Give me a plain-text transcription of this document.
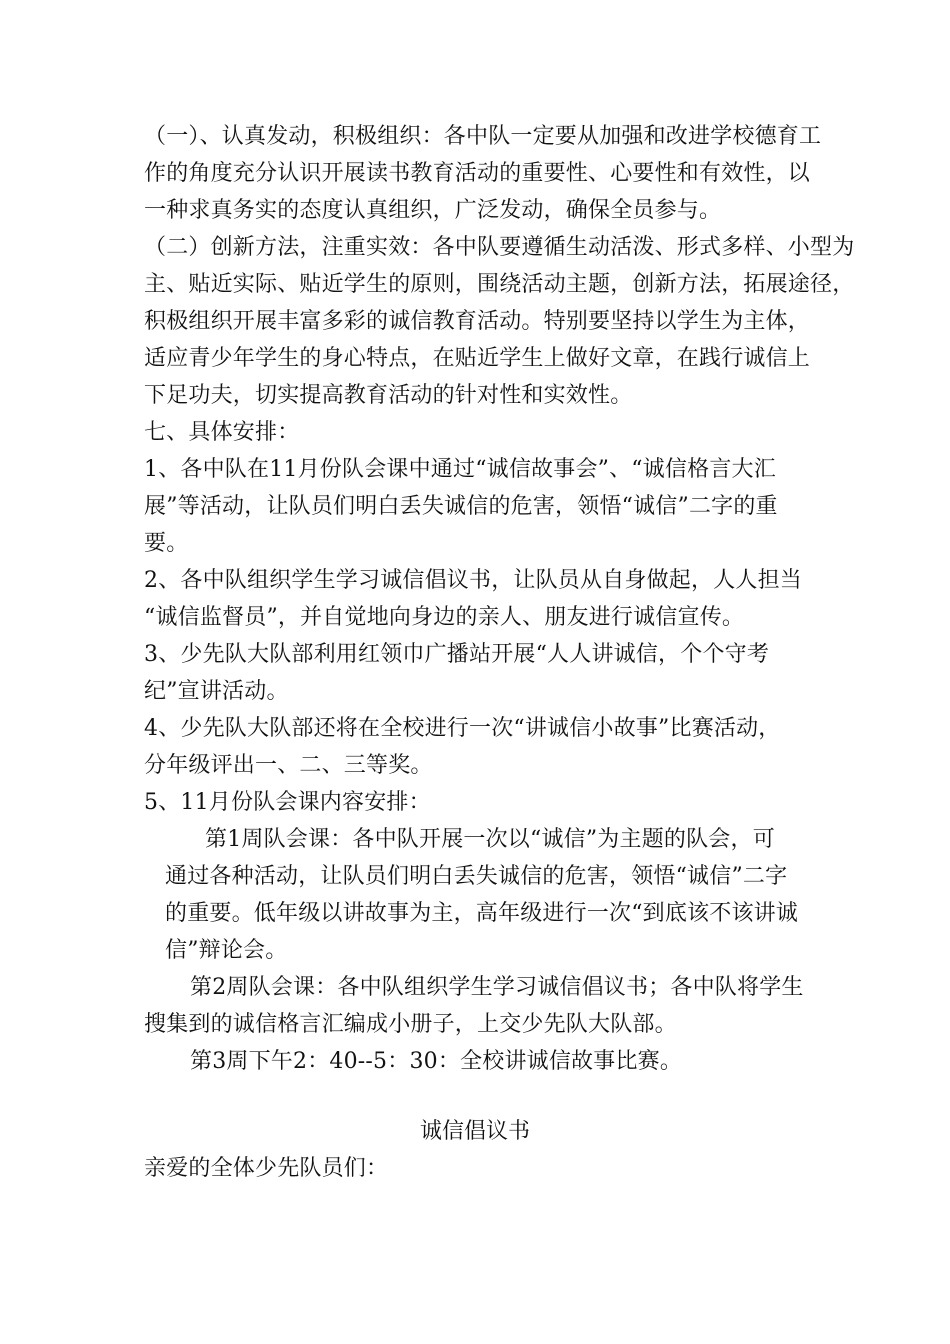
（一）、认真发动，积极组织：各中队一定要从加强和改进学校德育工
作的角度充分认识开展读书教育活动的重要性、心要性和有效性，以
一种求真务实的态度认真组织，广泛发动，确保全员参与。
（二）创新方法，注重实效：各中队要遵循生动活泼、形式多样、小型为
主、贴近实际、贴近学生的原则，围绕活动主题，创新方法，拓展途径，
积极组织开展丰富多彩的诚信教育活动。特别要坚持以学生为主体，
适应青少年学生的身心特点，在贴近学生上做好文章，在践行诚信上
下足功夫，切实提高教育活动的针对性和实效性。
七、具体安排：
1、各中队在11月份队会课中通过“诚信故事会”、“诚信格言大汇
展”等活动，让队员们明白丢失诚信的危害，领悟“诚信”二字的重
要。
2、各中队组织学生学习诚信倡议书，让队员从自身做起，人人担当
“诚信监督员”，并自觉地向身边的亲人、朋友进行诚信宣传。
3、少先队大队部利用红领巾广播站开展“人人讲诚信，个个守考
纪”宣讲活动。
4、少先队大队部还将在全校进行一次“讲诚信小故事”比赛活动，
分年级评出一、二、三等奖。
5、11月份队会课内容安排：
第1周队会课：各中队开展一次以“诚信”为主题的队会，可
通过各种活动，让队员们明白丢失诚信的危害，领悟“诚信”二字
的重要。低年级以讲故事为主，高年级进行一次“到底该不该讲诚
信”辩论会。
第2周队会课：各中队组织学生学习诚信倡议书；各中队将学生
搜集到的诚信格言汇编成小册子，上交少先队大队部。
第3周下午2：40--5：30：全校讲诚信故事比赛。
诚信倡议书
亲爱的全体少先队员们：
